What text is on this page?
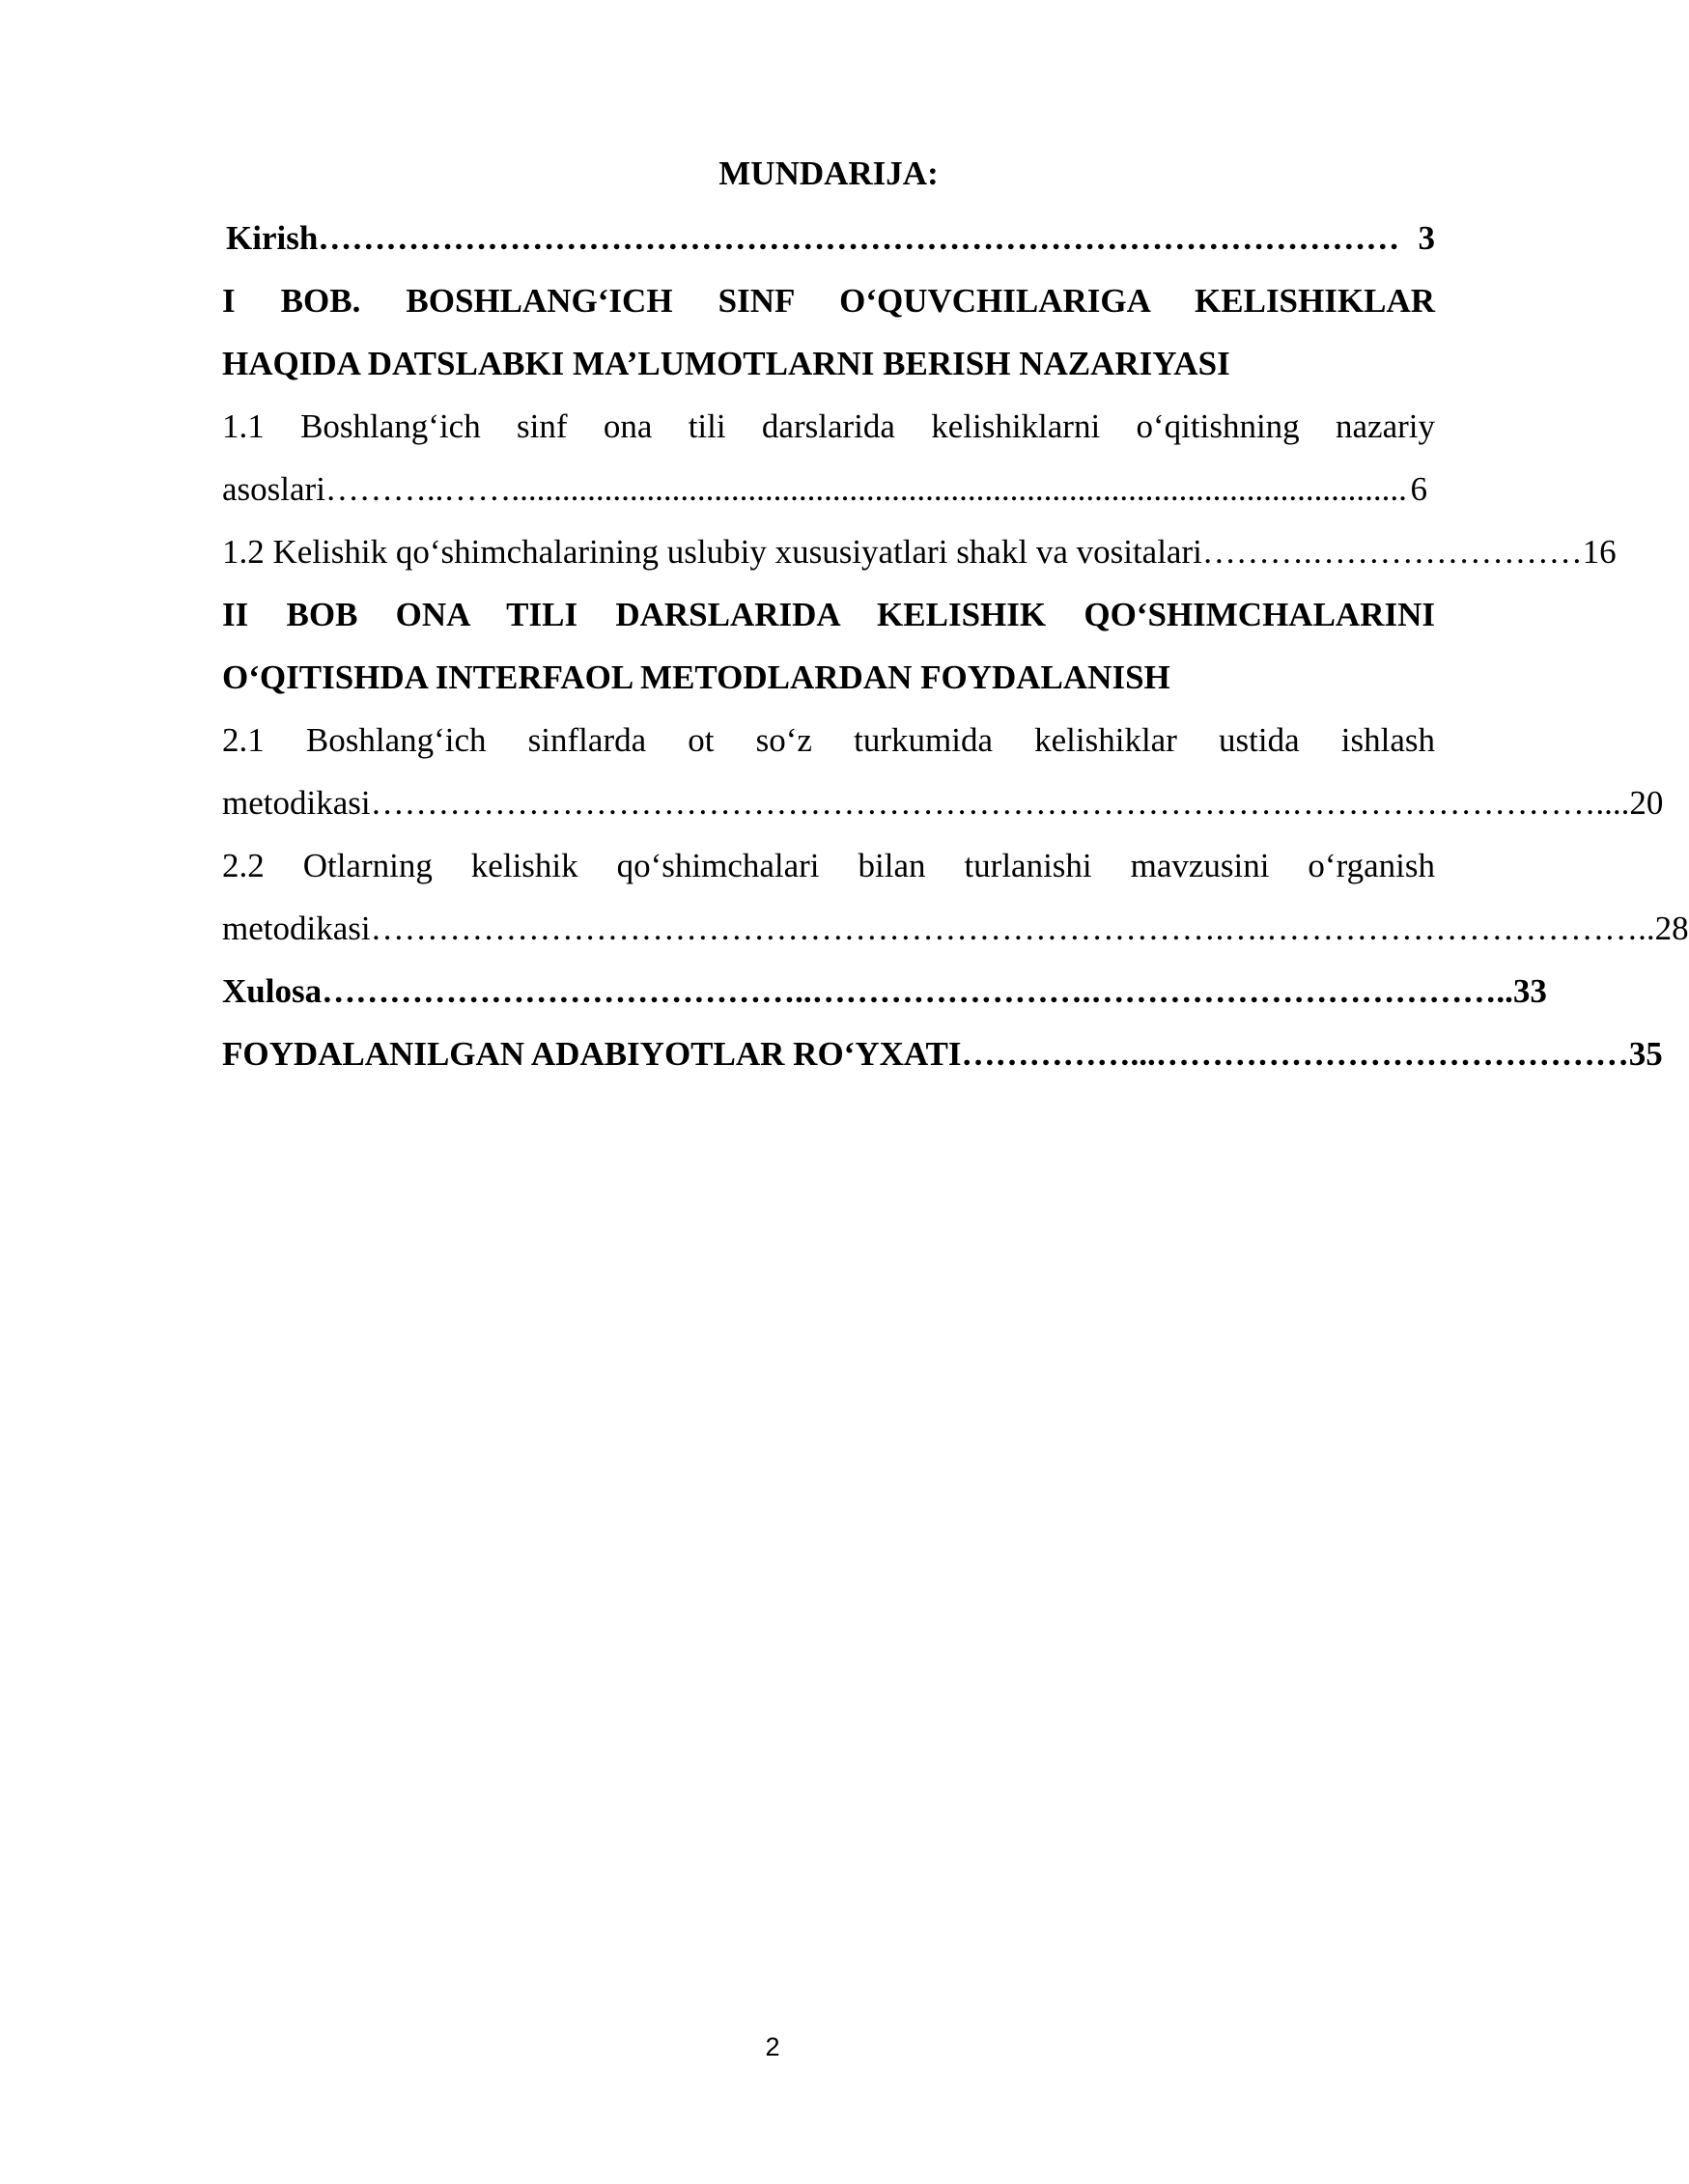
MUNDARIJA:
Kirish …………………………………………………………………………………… 3
I BOB. BOSHLANG‘ICH SINF O‘QUVCHILARIGA KELISHIKLAR
HAQIDA DATSLABKI MA’LUMOTLARNI BERISH NAZARIYASI
1.1 Boshlang‘ich sinf ona tili darslarida kelishiklarni o‘qitishning nazariy
asoslari ………..…….......................................................................................................... 6
1.2 Kelishik qo‘shimchalarining uslubiy xususiyatlari shakl va vositalari ……….…………………… 16
II BOB ONA TILI DARSLARIDA KELISHIK QO‘SHIMCHALARINI
O‘QITISHDA INTERFAOL METODLARDAN FOYDALANISH
2.1 Boshlang‘ich sinflarda ot so‘z turkumida kelishiklar ustida ishlash
metodikasi ……………………………………………………………………….………………………. ...20
2.2 Otlarning kelishik qo‘shimchalari bilan turlanishi mavzusini o‘rganish
metodikasi ………………………………………………………………….….…………………………… ..28
Xulosa ……………………………………..…………………….………………………………. .33
FOYDALANILGAN ADABIYOTLAR RO‘YXATI ……………...…………………………………… 35
2
